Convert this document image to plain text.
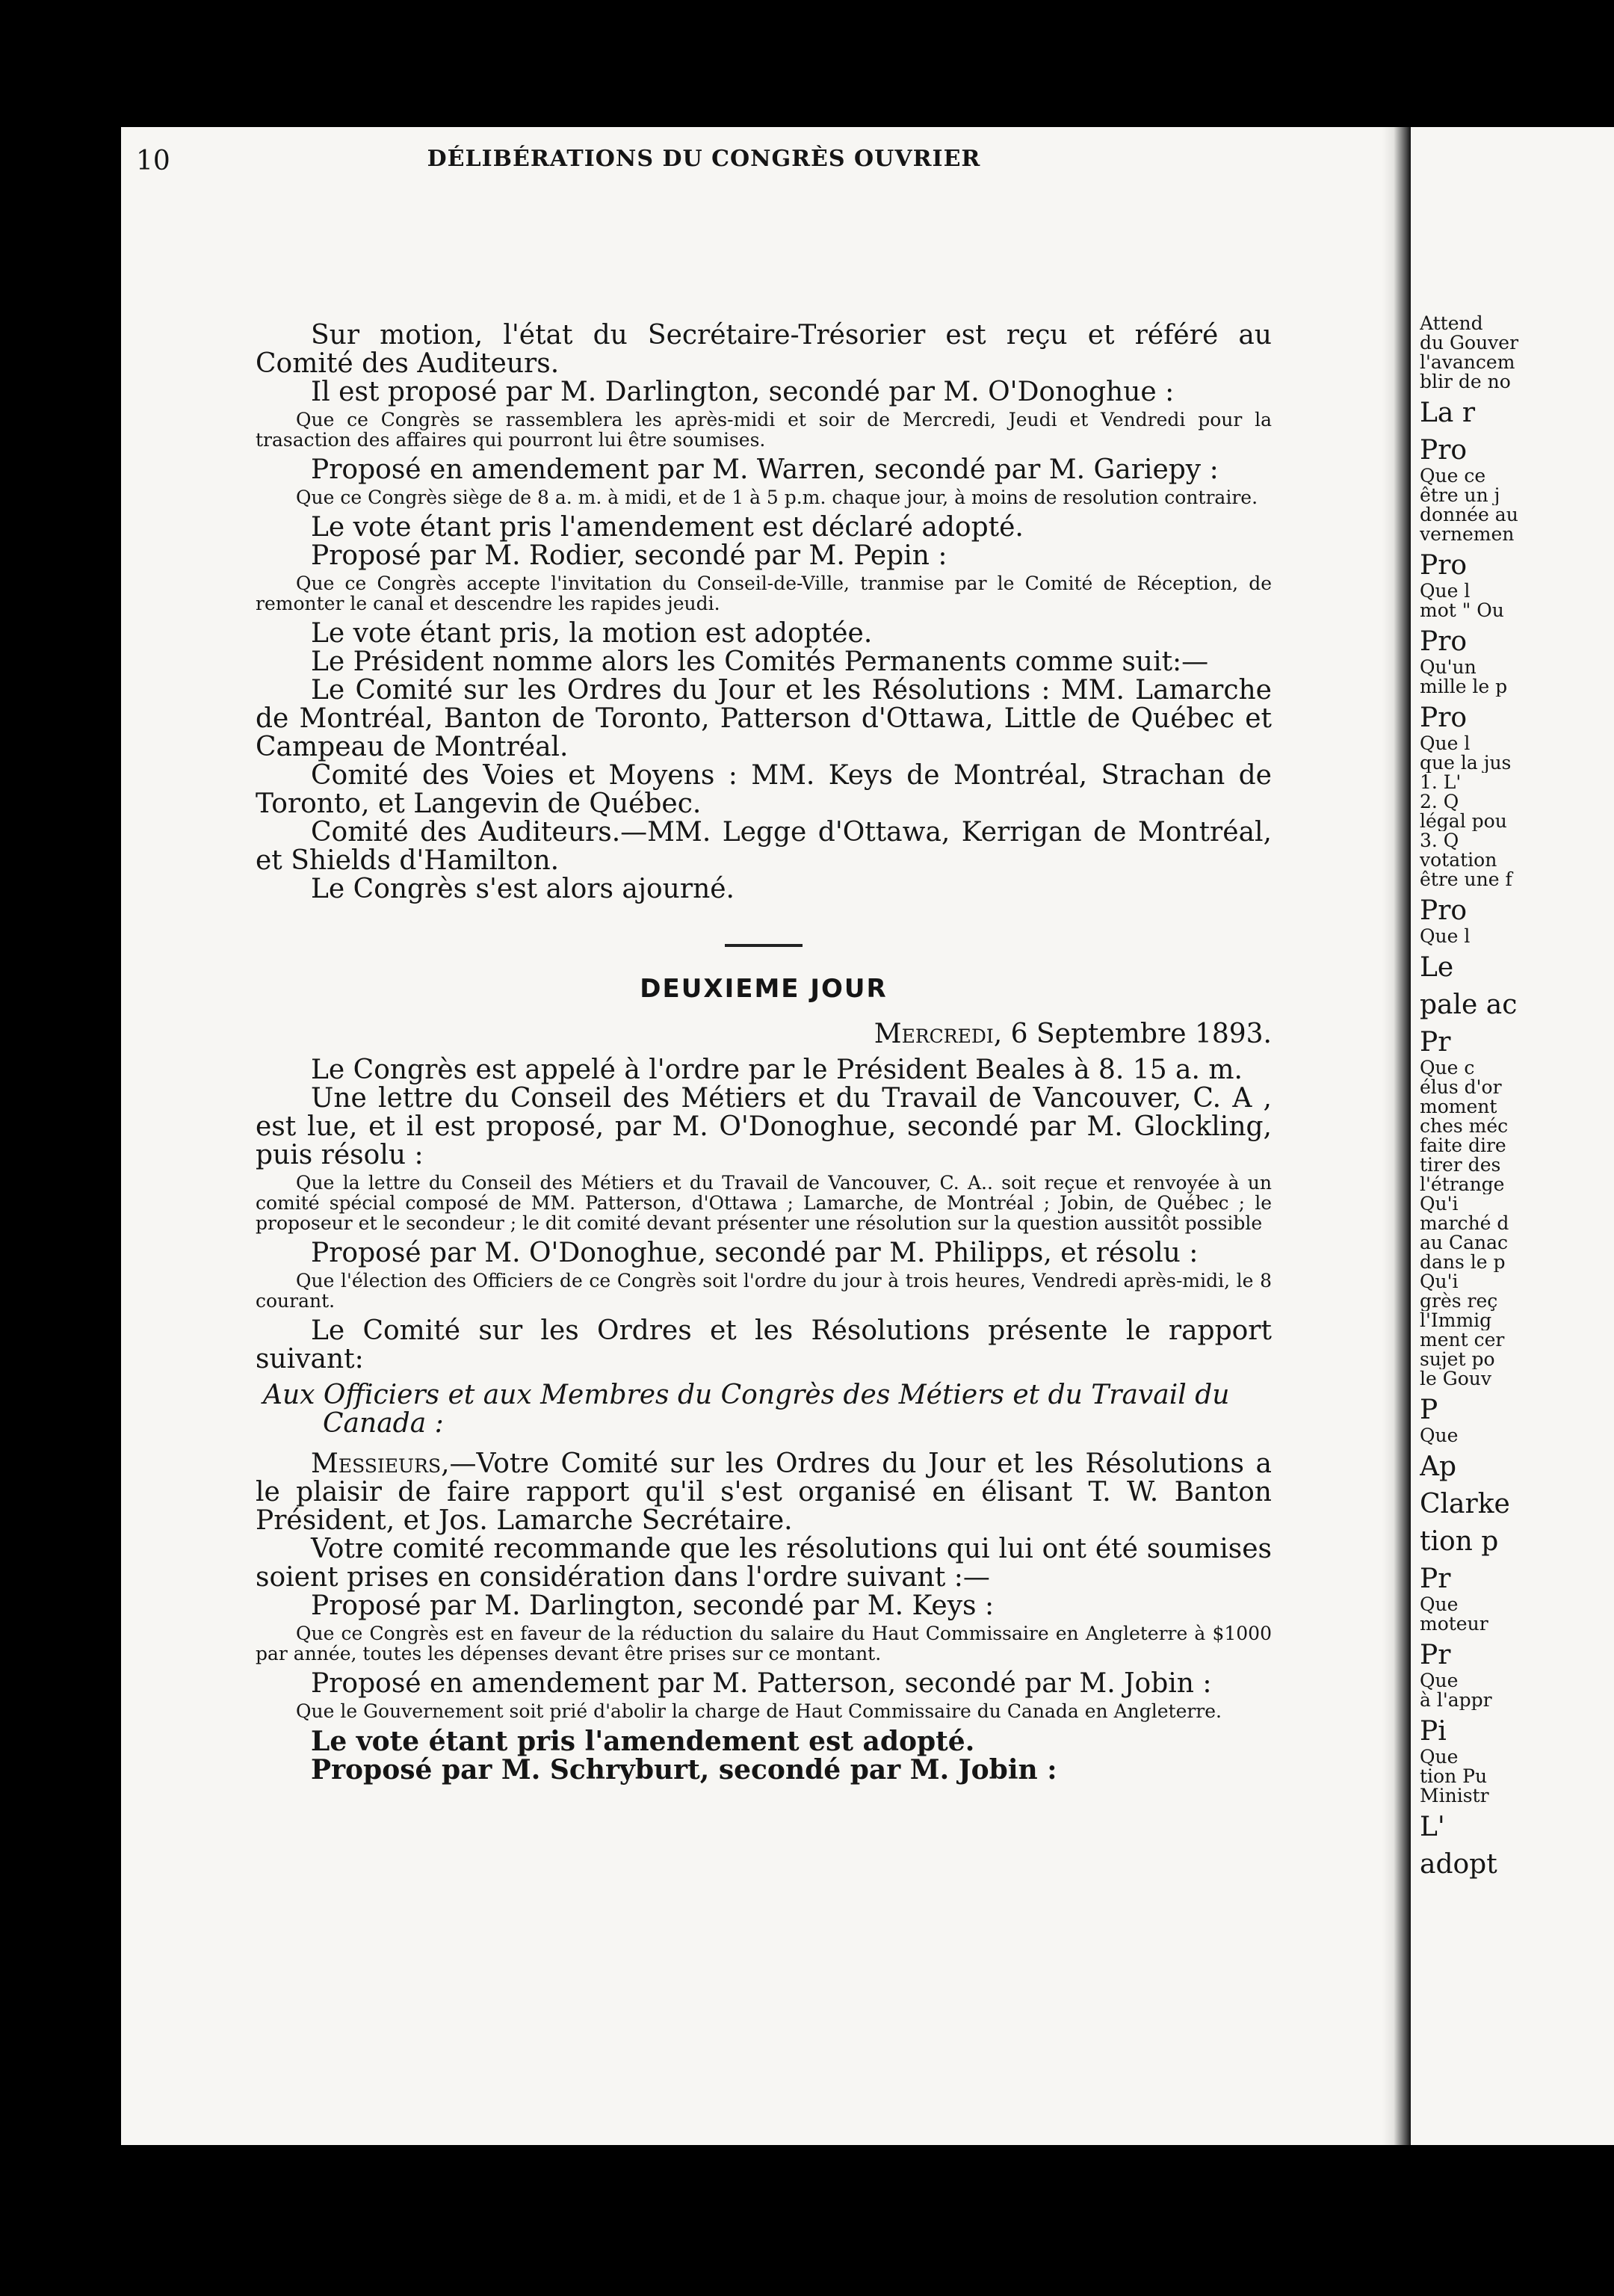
10	DÉLIBÉRATIONS DU CONGRÈS OUVRIER

Sur motion, l'état du Secrétaire-Trésorier est reçu et référé au Comité des Auditeurs.

Il est proposé par M. Darlington, secondé par M. O'Donoghue :

Que ce Congrès se rassemblera les après-midi et soir de Mercredi, Jeudi et Vendredi pour la trasaction des affaires qui pourront lui être soumises.

Proposé en amendement par M. Warren, secondé par M. Gariepy :

Que ce Congrès siège de 8 a. m. à midi, et de 1 à 5 p.m. chaque jour, à moins de resolution contraire.

Le vote étant pris l'amendement est déclaré adopté.

Proposé par M. Rodier, secondé par M. Pepin :

Que ce Congrès accepte l'invitation du Conseil-de-Ville, tranmise par le Comité de Réception, de remonter le canal et descendre les rapides jeudi.

Le vote étant pris, la motion est adoptée.

Le Président nomme alors les Comités Permanents comme suit:—

Le Comité sur les Ordres du Jour et les Résolutions : MM. Lamarche de Montréal, Banton de Toronto, Patterson d'Ottawa, Little de Québec et Campeau de Montréal.

Comité des Voies et Moyens : MM. Keys de Montréal, Strachan de Toronto, et Langevin de Québec.

Comité des Auditeurs.—MM. Legge d'Ottawa, Kerrigan de Montréal, et Shields d'Hamilton.

Le Congrès s'est alors ajourné.

DEUXIEME JOUR

Mercredi, 6 Septembre 1893.

Le Congrès est appelé à l'ordre par le Président Beales à 8. 15 a. m.

Une lettre du Conseil des Métiers et du Travail de Vancouver, C. A , est lue, et il est proposé, par M. O'Donoghue, secondé par M. Glockling, puis résolu :

Que la lettre du Conseil des Métiers et du Travail de Vancouver, C. A.. soit reçue et renvoyée à un comité spécial composé de MM. Patterson, d'Ottawa ; Lamarche, de Montréal ; Jobin, de Québec ; le proposeur et le secondeur ; le dit comité devant présenter une résolution sur la question aussitôt possible

Proposé par M. O'Donoghue, secondé par M. Philipps, et résolu :

Que l'élection des Officiers de ce Congrès soit l'ordre du jour à trois heures, Vendredi après-midi, le 8 courant.

Le Comité sur les Ordres et les Résolutions présente le rapport suivant:

Aux Officiers et aux Membres du Congrès des Métiers et du Travail du Canada :

Messieurs,—Votre Comité sur les Ordres du Jour et les Résolutions a le plaisir de faire rapport qu'il s'est organisé en élisant T. W. Banton Président, et Jos. Lamarche Secrétaire.

Votre comité recommande que les résolutions qui lui ont été soumises soient prises en considération dans l'ordre suivant :—

Proposé par M. Darlington, secondé par M. Keys :

Que ce Congrès est en faveur de la réduction du salaire du Haut Commissaire en Angleterre à $1000 par année, toutes les dépenses devant être prises sur ce montant.

Proposé en amendement par M. Patterson, secondé par M. Jobin :

Que le Gouvernement soit prié d'abolir la charge de Haut Commissaire du Canada en Angleterre.

Le vote étant pris l'amendement est adopté.

Proposé par M. Schryburt, secondé par M. Jobin :

Attend

du Gouver

l'avancem

blir de no

La r

Pro

Que ce

être un j

donnée au

vernemen

Pro

Que l

mot " Ou

Pro

Qu'un

mille le p

Pro

Que l

que la jus

1. L'

2. Q

légal pou

3. Q

votation

être une f

Pro

Que l

Le

pale ac

Pr

Que c

élus d'or

moment

ches méc

faite dire

tirer des

l'étrange

Qu'i

marché d

au Canac

dans le p

Qu'i

grès reç

l'Immig

ment cer

sujet po

le Gouv

P

Que

Ap

Clarke

tion p

Pr

Que

moteur

Pr

Que

à l'appr

Pi

Que

tion Pu

Ministr

L'

adopt
